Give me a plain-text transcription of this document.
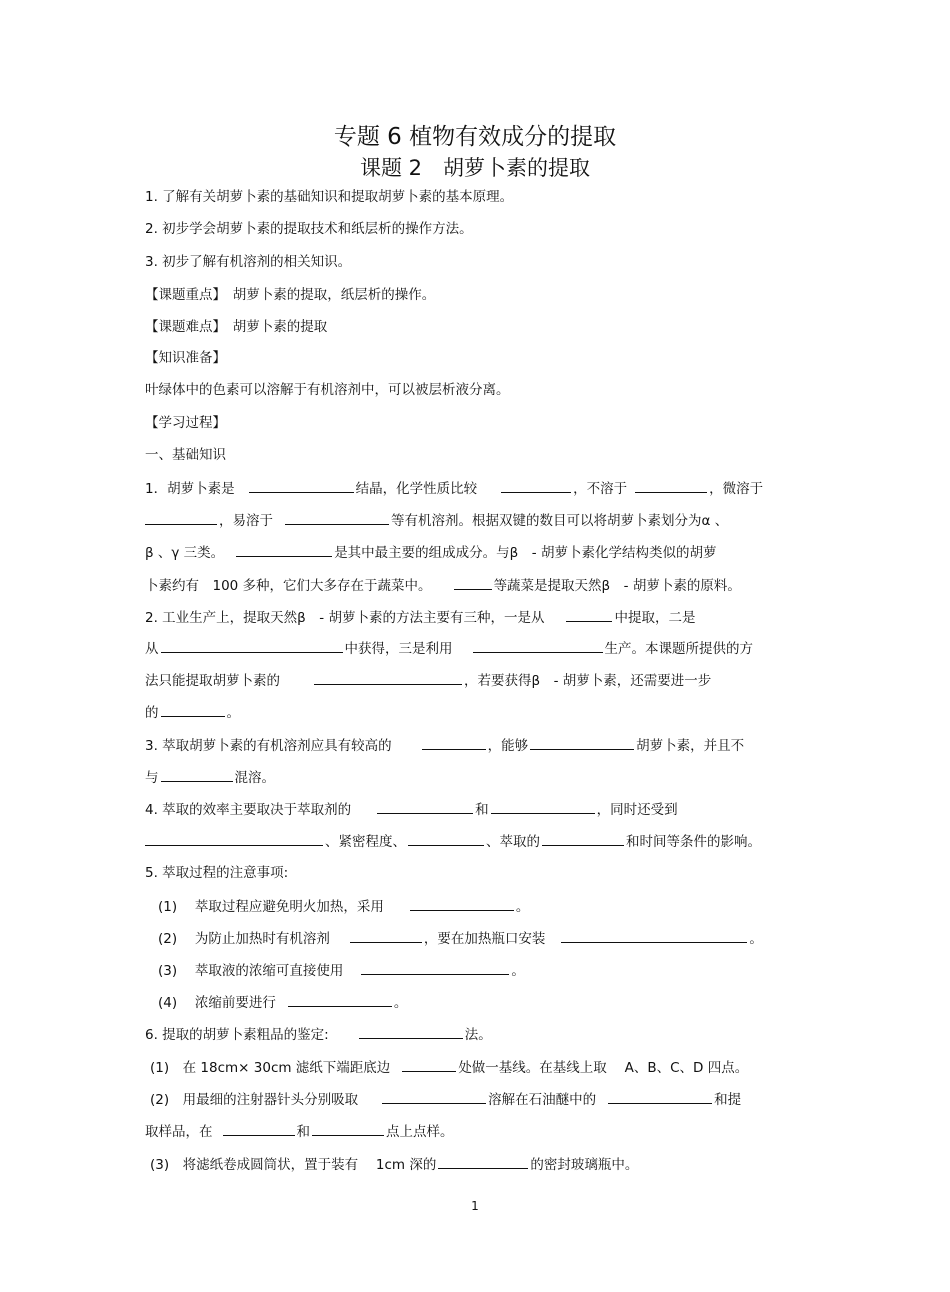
专题 6 植物有效成分的提取
课题 2　胡萝卜素的提取
1. 了解有关胡萝卜素的基础知识和提取胡萝卜素的基本原理。
2. 初步学会胡萝卜素的提取技术和纸层析的操作方法。
3. 初步了解有机溶剂的相关知识。
【课题重点】　胡萝卜素的提取，纸层析的操作。
【课题难点】　胡萝卜素的提取
【知识准备】
叶绿体中的色素可以溶解于有机溶剂中，可以被层析液分离。
【学习过程】
一、基础知识
1．胡萝卜素是	结晶，化学性质比较	，不溶于	，微溶于
，易溶于	等有机溶剂。根据双键的数目可以将胡萝卜素划分为α 、
β 、γ 三类。	是其中最主要的组成成分。与β　- 胡萝卜素化学结构类似的胡萝
卜素约有　100 多种，它们大多存在于蔬菜中。	等蔬菜是提取天然β　- 胡萝卜素的原料。
2. 工业生产上，提取天然β　- 胡萝卜素的方法主要有三种，一是从	中提取，二是
从	中获得，三是利用	生产。本课题所提供的方
法只能提取胡萝卜素的	，若要获得β　- 胡萝卜素，还需要进一步
的	。
3. 萃取胡萝卜素的有机溶剂应具有较高的	，能够	胡萝卜素，并且不
与	混溶。
4. 萃取的效率主要取决于萃取剂的	和	，同时还受到
、紧密程度、	、萃取的	和时间等条件的影响。
5. 萃取过程的注意事项:
(1)　 萃取过程应避免明火加热，采用	。
(2)　 为防止加热时有机溶剂	，要在加热瓶口安装	。
(3)　 萃取液的浓缩可直接使用	。
(4)　 浓缩前要进行	。
6. 提取的胡萝卜素粗品的鉴定:	法。
(1)　在 18cm× 30cm 滤纸下端距底边	处做一基线。在基线上取　 A、B、C、D 四点。
(2)　用最细的注射器针头分别吸取	溶解在石油醚中的	和提
取样品，在	和	点上点样。
(3)　将滤纸卷成圆筒状，置于装有　 1cm 深的	的密封玻璃瓶中。
1
